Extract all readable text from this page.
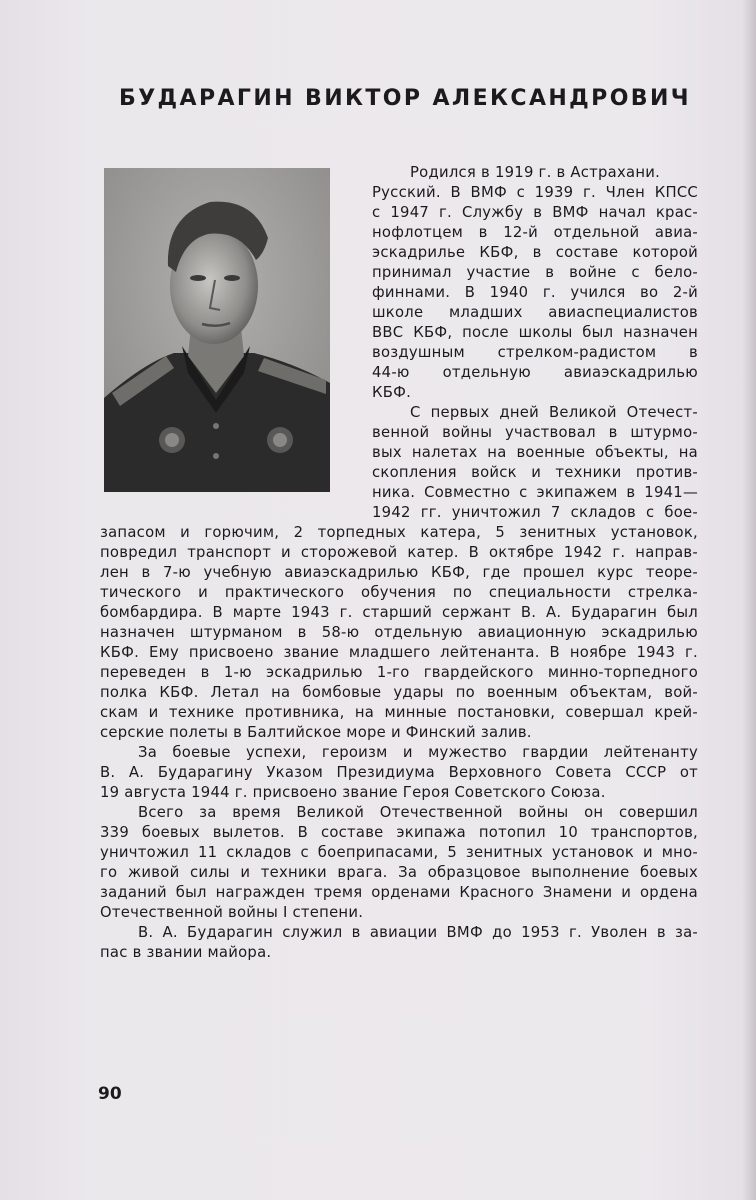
БУДАРАГИН ВИКТОР АЛЕКСАНДРОВИЧ
Родился в 1919 г. в Астрахани.
Русский. В ВМФ с 1939 г. Член КПСС
с 1947 г. Службу в ВМФ начал крас-
нофлотцем в 12-й отдельной авиа-
эскадрилье КБФ, в составе которой
принимал участие в войне с бело-
финнами. В 1940 г. учился во 2-й
школе младших авиаспециалистов
ВВС КБФ, после школы был назначен
воздушным стрелком-радистом в
44-ю отдельную авиаэскадрилью
КБФ.
С первых дней Великой Отечест-
венной войны участвовал в штурмо-
вых налетах на военные объекты, на
скопления войск и техники против-
ника. Совместно с экипажем в 1941—
1942 гг. уничтожил 7 складов с бое-
запасом и горючим, 2 торпедных катера, 5 зенитных установок,
повредил транспорт и сторожевой катер. В октябре 1942 г. направ-
лен в 7-ю учебную авиаэскадрилью КБФ, где прошел курс теоре-
тического и практического обучения по специальности стрелка-
бомбардира. В марте 1943 г. старший сержант В. А. Бударагин был
назначен штурманом в 58-ю отдельную авиационную эскадрилью
КБФ. Ему присвоено звание младшего лейтенанта. В ноябре 1943 г.
переведен в 1-ю эскадрилью 1-го гвардейского минно-торпедного
полка КБФ. Летал на бомбовые удары по военным объектам, вой-
скам и технике противника, на минные постановки, совершал крей-
серские полеты в Балтийское море и Финский залив.
За боевые успехи, героизм и мужество гвардии лейтенанту
В. А. Бударагину Указом Президиума Верховного Совета СССР от
19 августа 1944 г. присвоено звание Героя Советского Союза.
Всего за время Великой Отечественной войны он совершил
339 боевых вылетов. В составе экипажа потопил 10 транспортов,
уничтожил 11 складов с боеприпасами, 5 зенитных установок и мно-
го живой силы и техники врага. За образцовое выполнение боевых
заданий был награжден тремя орденами Красного Знамени и ордена
Отечественной войны I степени.
В. А. Бударагин служил в авиации ВМФ до 1953 г. Уволен в за-
пас в звании майора.
90
